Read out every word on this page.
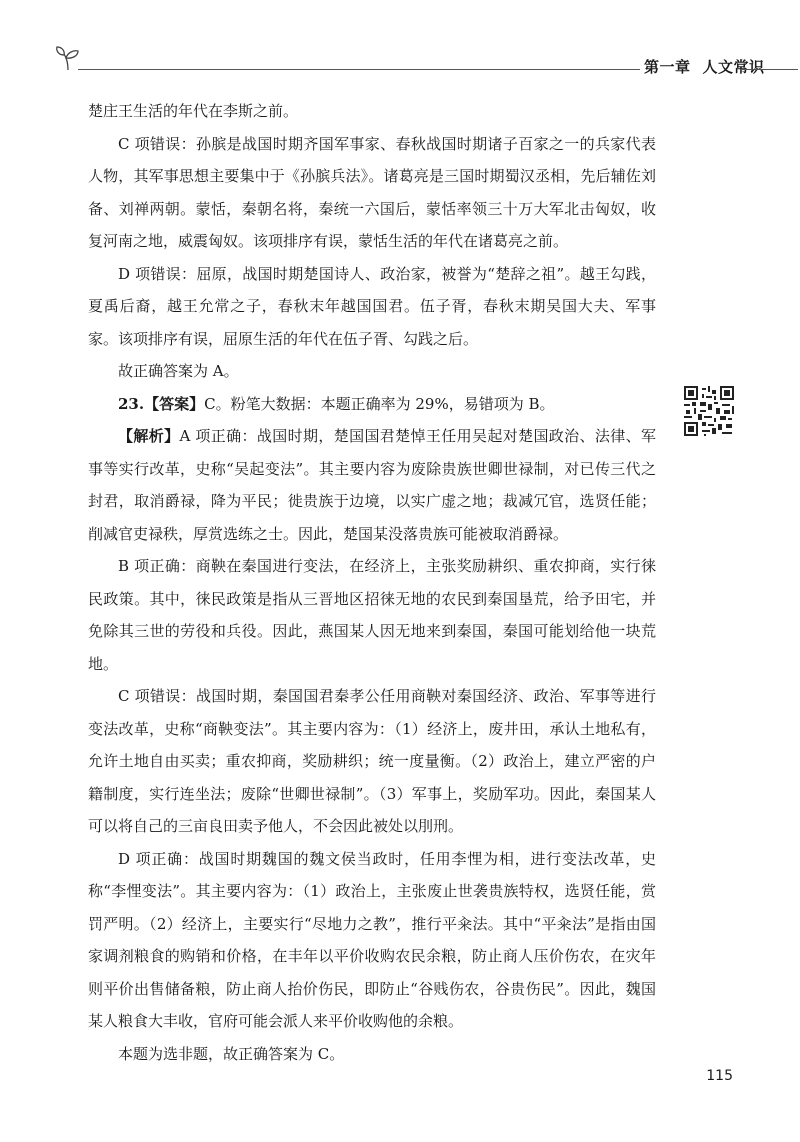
第一章 人文常识

楚庄王生活的年代在李斯之前。

C 项错误：孙膑是战国时期齐国军事家、春秋战国时期诸子百家之一的兵家代表人物，其军事思想主要集中于《孙膑兵法》。诸葛亮是三国时期蜀汉丞相，先后辅佐刘备、刘禅两朝。蒙恬，秦朝名将，秦统一六国后，蒙恬率领三十万大军北击匈奴，收复河南之地，威震匈奴。该项排序有误，蒙恬生活的年代在诸葛亮之前。

D 项错误：屈原，战国时期楚国诗人、政治家，被誉为“楚辞之祖”。越王勾践，夏禹后裔，越王允常之子，春秋末年越国国君。伍子胥，春秋末期吴国大夫、军事家。该项排序有误，屈原生活的年代在伍子胥、勾践之后。

故正确答案为 A。

23.【答案】C。粉笔大数据：本题正确率为 29%，易错项为 B。

【解析】A 项正确：战国时期，楚国国君楚悼王任用吴起对楚国政治、法律、军事等实行改革，史称“吴起变法”。其主要内容为废除贵族世卿世禄制，对已传三代之封君，取消爵禄，降为平民；徙贵族于边境，以实广虚之地；裁减冗官，选贤任能；削减官吏禄秩，厚赏选练之士。因此，楚国某没落贵族可能被取消爵禄。

B 项正确：商鞅在秦国进行变法，在经济上，主张奖励耕织、重农抑商，实行徕民政策。其中，徕民政策是指从三晋地区招徕无地的农民到秦国垦荒，给予田宅，并免除其三世的劳役和兵役。因此，燕国某人因无地来到秦国，秦国可能划给他一块荒地。

C 项错误：战国时期，秦国国君秦孝公任用商鞅对秦国经济、政治、军事等进行变法改革，史称“商鞅变法”。其主要内容为：（1）经济上，废井田，承认土地私有，允许土地自由买卖；重农抑商，奖励耕织；统一度量衡。（2）政治上，建立严密的户籍制度，实行连坐法；废除“世卿世禄制”。（3）军事上，奖励军功。因此，秦国某人可以将自己的三亩良田卖予他人，不会因此被处以刖刑。

D 项正确：战国时期魏国的魏文侯当政时，任用李悝为相，进行变法改革，史称“李悝变法”。其主要内容为：（1）政治上，主张废止世袭贵族特权，选贤任能，赏罚严明。（2）经济上，主要实行“尽地力之教”，推行平籴法。其中“平籴法”是指由国家调剂粮食的购销和价格，在丰年以平价收购农民余粮，防止商人压价伤农，在灾年则平价出售储备粮，防止商人抬价伤民，即防止“谷贱伤农，谷贵伤民”。因此，魏国某人粮食大丰收，官府可能会派人来平价收购他的余粮。

本题为选非题，故正确答案为 C。

115
